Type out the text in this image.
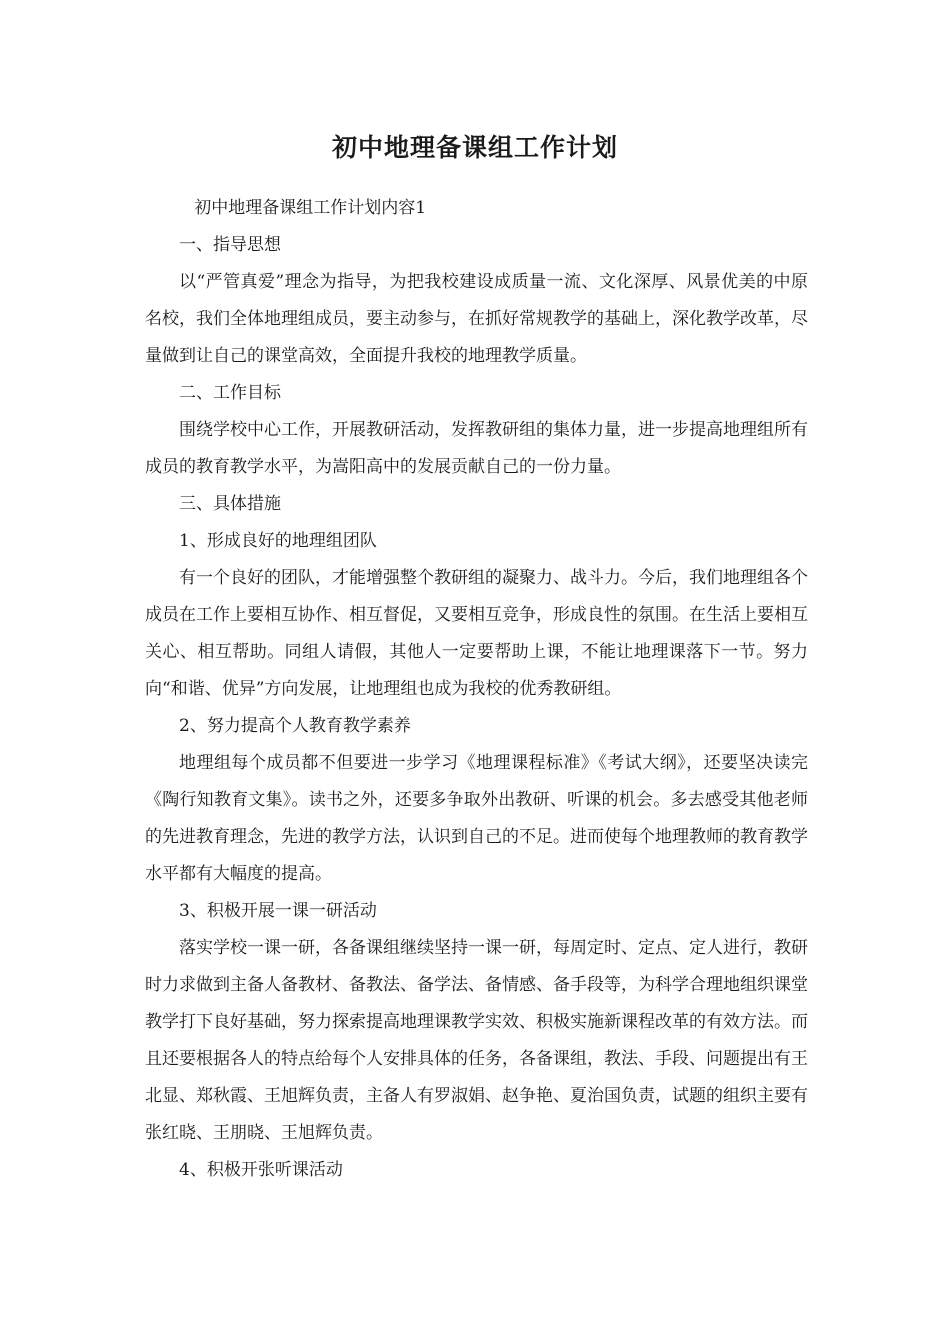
初中地理备课组工作计划

初中地理备课组工作计划内容1

一、指导思想

以“严管真爱”理念为指导，为把我校建设成质量一流、文化深厚、风景优美的中原名校，我们全体地理组成员，要主动参与，在抓好常规教学的基础上，深化教学改革，尽量做到让自己的课堂高效，全面提升我校的地理教学质量。

二、工作目标

围绕学校中心工作，开展教研活动，发挥教研组的集体力量，进一步提高地理组所有成员的教育教学水平，为嵩阳高中的发展贡献自己的一份力量。

三、具体措施

1、形成良好的地理组团队

有一个良好的团队，才能增强整个教研组的凝聚力、战斗力。今后，我们地理组各个成员在工作上要相互协作、相互督促，又要相互竞争，形成良性的氛围。在生活上要相互关心、相互帮助。同组人请假，其他人一定要帮助上课，不能让地理课落下一节。努力向“和谐、优异”方向发展，让地理组也成为我校的优秀教研组。

2、努力提高个人教育教学素养

地理组每个成员都不但要进一步学习《地理课程标准》《考试大纲》，还要坚决读完《陶行知教育文集》。读书之外，还要多争取外出教研、听课的机会。多去感受其他老师的先进教育理念，先进的教学方法，认识到自己的不足。进而使每个地理教师的教育教学水平都有大幅度的提高。

3、积极开展一课一研活动

落实学校一课一研，各备课组继续坚持一课一研，每周定时、定点、定人进行，教研时力求做到主备人备教材、备教法、备学法、备情感、备手段等，为科学合理地组织课堂教学打下良好基础，努力探索提高地理课教学实效、积极实施新课程改革的有效方法。而且还要根据各人的特点给每个人安排具体的任务，各备课组，教法、手段、问题提出有王北显、郑秋霞、王旭辉负责，主备人有罗淑娟、赵争艳、夏治国负责，试题的组织主要有张红晓、王朋晓、王旭辉负责。

4、积极开张听课活动
